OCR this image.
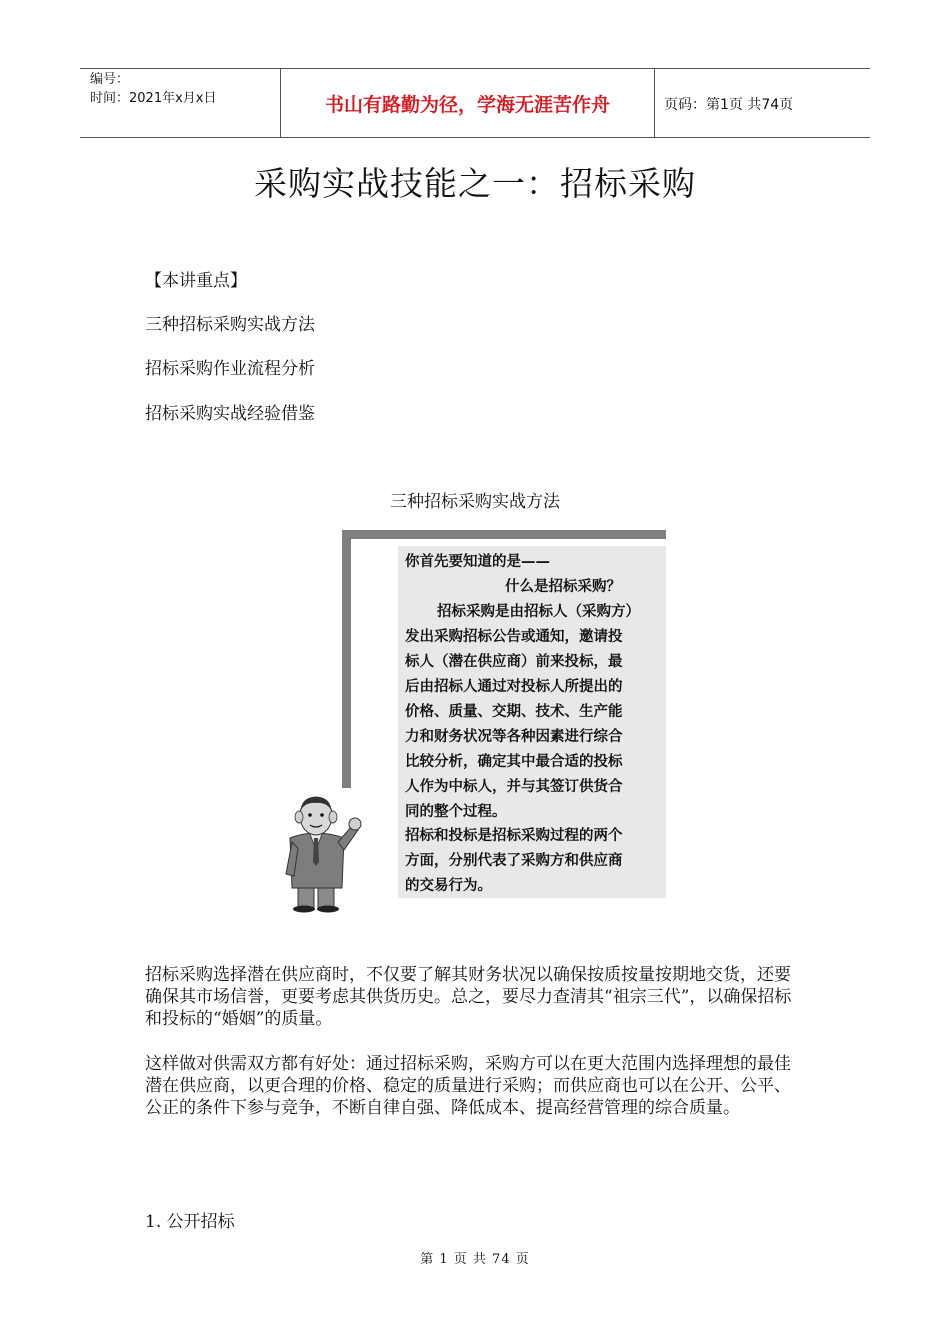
编号：
时间：2021年x月x日	书山有路勤为径，学海无涯苦作舟	页码：第1页 共74页
采购实战技能之一：招标采购
【本讲重点】
三种招标采购实战方法
招标采购作业流程分析
招标采购实战经验借鉴
三种招标采购实战方法
你首先要知道的是——
什么是招标采购？
招标采购是由招标人（采购方）
发出采购招标公告或通知，邀请投
标人（潜在供应商）前来投标，最
后由招标人通过对投标人所提出的
价格、质量、交期、技术、生产能
力和财务状况等各种因素进行综合
比较分析，确定其中最合适的投标
人作为中标人，并与其签订供货合
同的整个过程。
招标和投标是招标采购过程的两个
方面，分别代表了采购方和供应商
的交易行为。
招标采购选择潜在供应商时，不仅要了解其财务状况以确保按质按量按期地交货，还要确保其市场信誉，更要考虑其供货历史。总之，要尽力查清其“祖宗三代”，以确保招标和投标的“婚姻”的质量。
这样做对供需双方都有好处：通过招标采购，采购方可以在更大范围内选择理想的最佳潜在供应商，以更合理的价格、稳定的质量进行采购；而供应商也可以在公开、公平、公正的条件下参与竞争，不断自律自强、降低成本、提高经营管理的综合质量。
1. 公开招标
第 1 页 共 74 页
